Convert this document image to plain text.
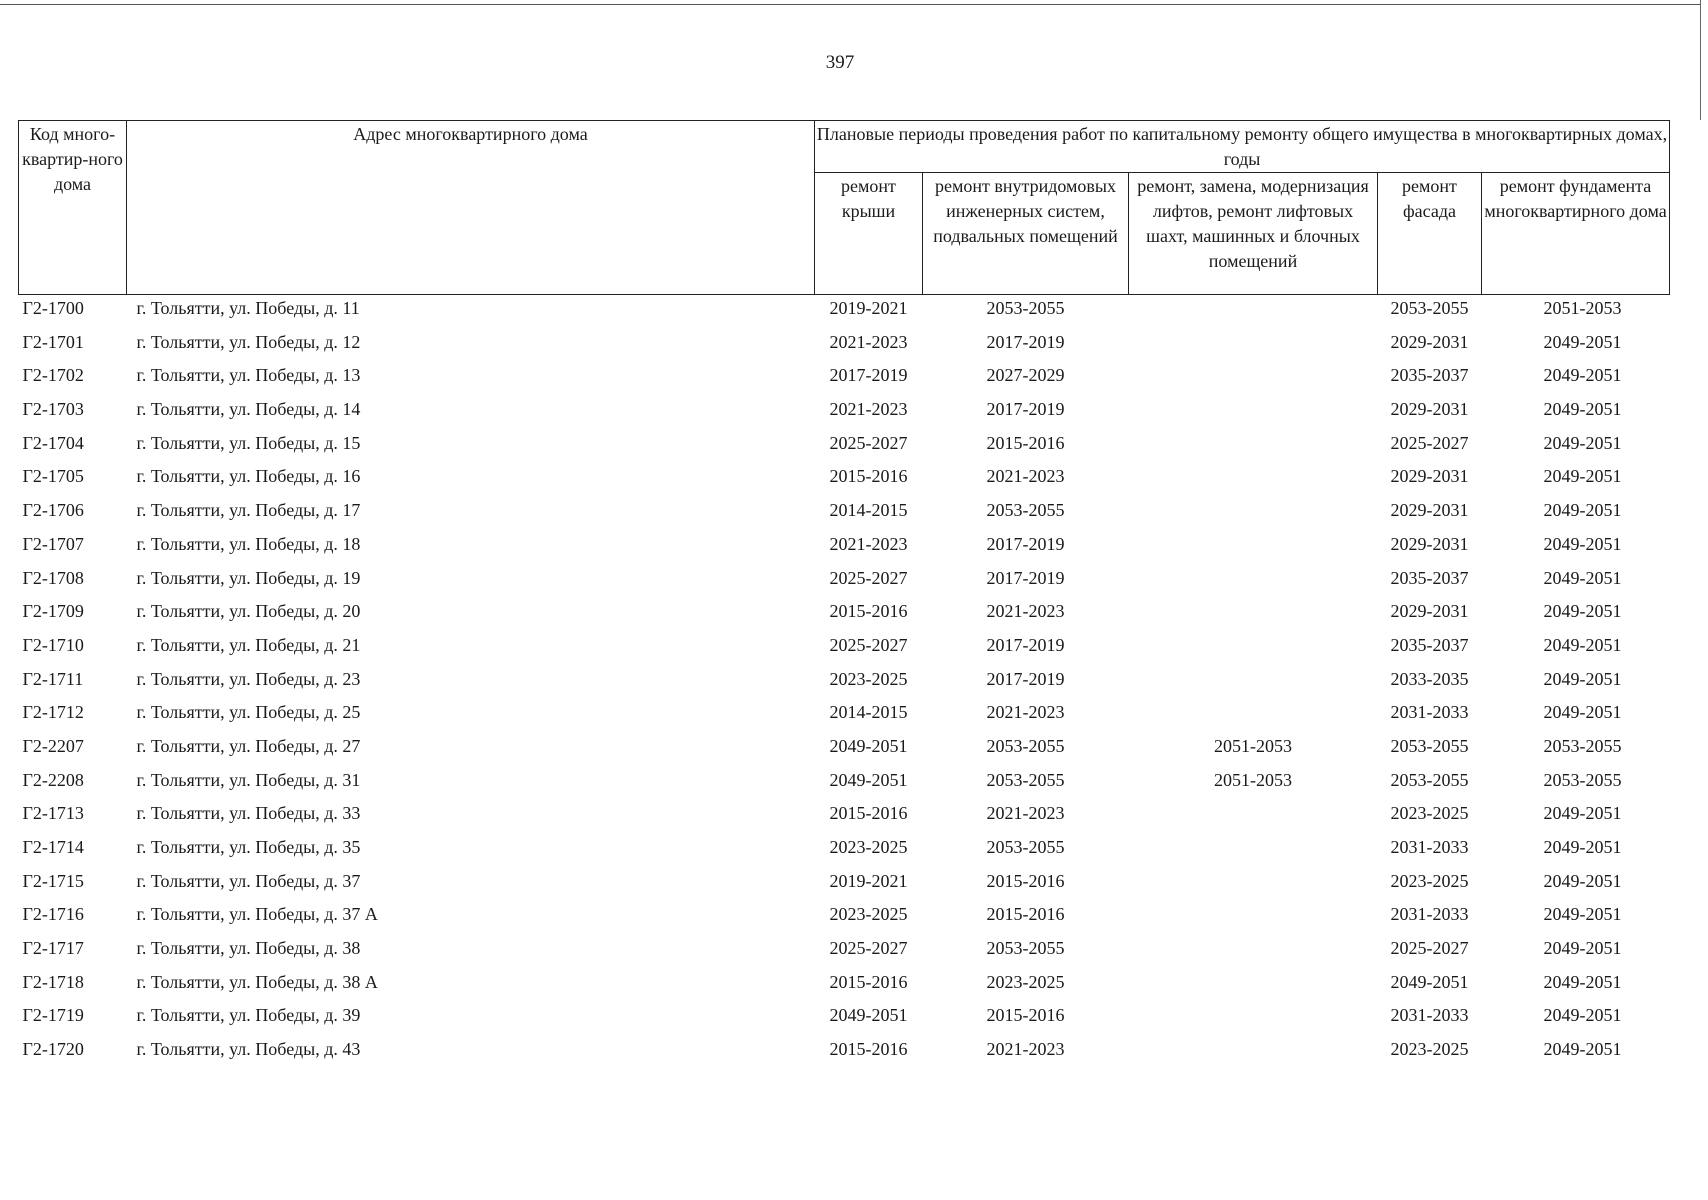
397
Код много-квартир-ного дома	Адрес многоквартирного дома	Плановые периоды проведения работ по капитальному ремонту общего имущества в многоквартирных домах, годы				
		ремонт крыши	ремонт внутридомовых инженерных систем, подвальных помещений	ремонт, замена, модернизация лифтов, ремонт лифтовых шахт, машинных и блочных помещений	ремонт фасада	ремонт фундамента многоквартирного дома
Г2-1700	г. Тольятти, ул. Победы, д. 11	2019-2021	2053-2055		2053-2055	2051-2053
Г2-1701	г. Тольятти, ул. Победы, д. 12	2021-2023	2017-2019		2029-2031	2049-2051
Г2-1702	г. Тольятти, ул. Победы, д. 13	2017-2019	2027-2029		2035-2037	2049-2051
Г2-1703	г. Тольятти, ул. Победы, д. 14	2021-2023	2017-2019		2029-2031	2049-2051
Г2-1704	г. Тольятти, ул. Победы, д. 15	2025-2027	2015-2016		2025-2027	2049-2051
Г2-1705	г. Тольятти, ул. Победы, д. 16	2015-2016	2021-2023		2029-2031	2049-2051
Г2-1706	г. Тольятти, ул. Победы, д. 17	2014-2015	2053-2055		2029-2031	2049-2051
Г2-1707	г. Тольятти, ул. Победы, д. 18	2021-2023	2017-2019		2029-2031	2049-2051
Г2-1708	г. Тольятти, ул. Победы, д. 19	2025-2027	2017-2019		2035-2037	2049-2051
Г2-1709	г. Тольятти, ул. Победы, д. 20	2015-2016	2021-2023		2029-2031	2049-2051
Г2-1710	г. Тольятти, ул. Победы, д. 21	2025-2027	2017-2019		2035-2037	2049-2051
Г2-1711	г. Тольятти, ул. Победы, д. 23	2023-2025	2017-2019		2033-2035	2049-2051
Г2-1712	г. Тольятти, ул. Победы, д. 25	2014-2015	2021-2023		2031-2033	2049-2051
Г2-2207	г. Тольятти, ул. Победы, д. 27	2049-2051	2053-2055	2051-2053	2053-2055	2053-2055
Г2-2208	г. Тольятти, ул. Победы, д. 31	2049-2051	2053-2055	2051-2053	2053-2055	2053-2055
Г2-1713	г. Тольятти, ул. Победы, д. 33	2015-2016	2021-2023		2023-2025	2049-2051
Г2-1714	г. Тольятти, ул. Победы, д. 35	2023-2025	2053-2055		2031-2033	2049-2051
Г2-1715	г. Тольятти, ул. Победы, д. 37	2019-2021	2015-2016		2023-2025	2049-2051
Г2-1716	г. Тольятти, ул. Победы, д. 37 А	2023-2025	2015-2016		2031-2033	2049-2051
Г2-1717	г. Тольятти, ул. Победы, д. 38	2025-2027	2053-2055		2025-2027	2049-2051
Г2-1718	г. Тольятти, ул. Победы, д. 38 А	2015-2016	2023-2025		2049-2051	2049-2051
Г2-1719	г. Тольятти, ул. Победы, д. 39	2049-2051	2015-2016		2031-2033	2049-2051
Г2-1720	г. Тольятти, ул. Победы, д. 43	2015-2016	2021-2023		2023-2025	2049-2051
